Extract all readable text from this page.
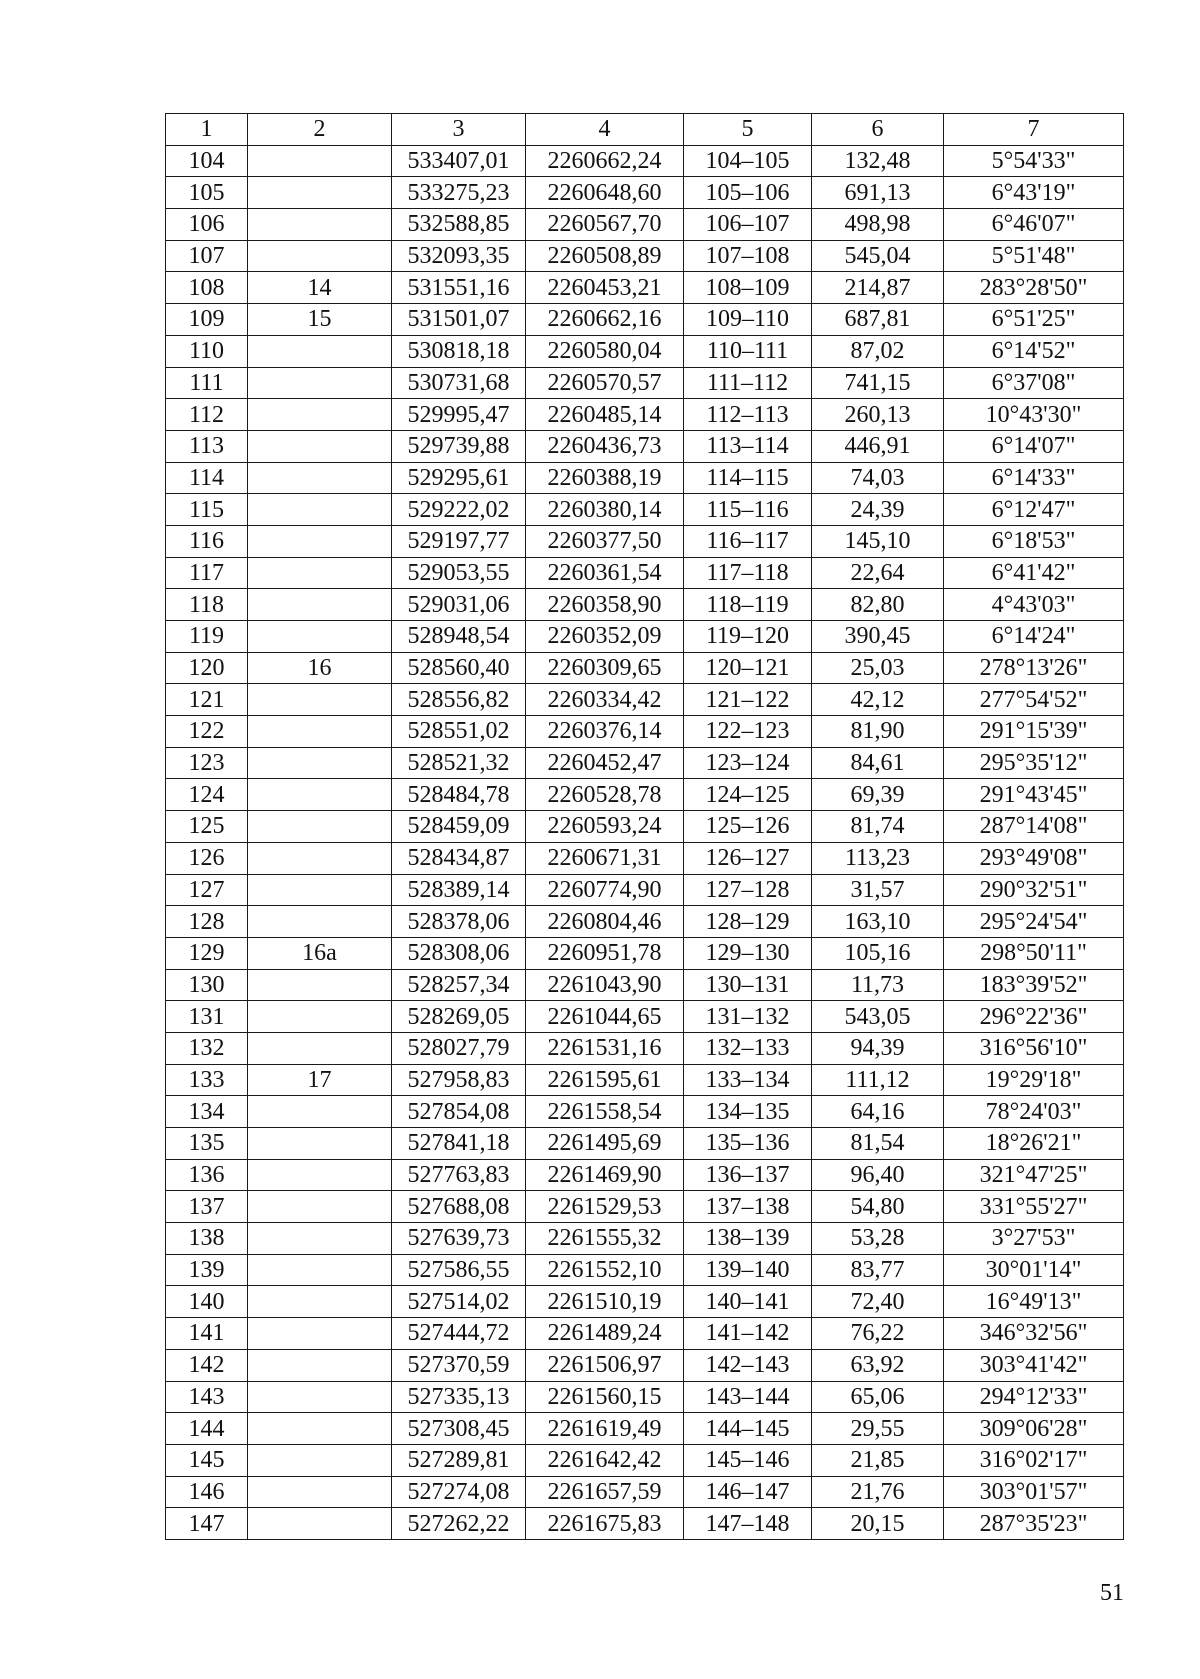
1	2	3	4	5	6	7
104		533407,01	2260662,24	104–105	132,48	5°54'33"
105		533275,23	2260648,60	105–106	691,13	6°43'19"
106		532588,85	2260567,70	106–107	498,98	6°46'07"
107		532093,35	2260508,89	107–108	545,04	5°51'48"
108	14	531551,16	2260453,21	108–109	214,87	283°28'50"
109	15	531501,07	2260662,16	109–110	687,81	6°51'25"
110		530818,18	2260580,04	110–111	87,02	6°14'52"
111		530731,68	2260570,57	111–112	741,15	6°37'08"
112		529995,47	2260485,14	112–113	260,13	10°43'30"
113		529739,88	2260436,73	113–114	446,91	6°14'07"
114		529295,61	2260388,19	114–115	74,03	6°14'33"
115		529222,02	2260380,14	115–116	24,39	6°12'47"
116		529197,77	2260377,50	116–117	145,10	6°18'53"
117		529053,55	2260361,54	117–118	22,64	6°41'42"
118		529031,06	2260358,90	118–119	82,80	4°43'03"
119		528948,54	2260352,09	119–120	390,45	6°14'24"
120	16	528560,40	2260309,65	120–121	25,03	278°13'26"
121		528556,82	2260334,42	121–122	42,12	277°54'52"
122		528551,02	2260376,14	122–123	81,90	291°15'39"
123		528521,32	2260452,47	123–124	84,61	295°35'12"
124		528484,78	2260528,78	124–125	69,39	291°43'45"
125		528459,09	2260593,24	125–126	81,74	287°14'08"
126		528434,87	2260671,31	126–127	113,23	293°49'08"
127		528389,14	2260774,90	127–128	31,57	290°32'51"
128		528378,06	2260804,46	128–129	163,10	295°24'54"
129	16а	528308,06	2260951,78	129–130	105,16	298°50'11"
130		528257,34	2261043,90	130–131	11,73	183°39'52"
131		528269,05	2261044,65	131–132	543,05	296°22'36"
132		528027,79	2261531,16	132–133	94,39	316°56'10"
133	17	527958,83	2261595,61	133–134	111,12	19°29'18"
134		527854,08	2261558,54	134–135	64,16	78°24'03"
135		527841,18	2261495,69	135–136	81,54	18°26'21"
136		527763,83	2261469,90	136–137	96,40	321°47'25"
137		527688,08	2261529,53	137–138	54,80	331°55'27"
138		527639,73	2261555,32	138–139	53,28	3°27'53"
139		527586,55	2261552,10	139–140	83,77	30°01'14"
140		527514,02	2261510,19	140–141	72,40	16°49'13"
141		527444,72	2261489,24	141–142	76,22	346°32'56"
142		527370,59	2261506,97	142–143	63,92	303°41'42"
143		527335,13	2261560,15	143–144	65,06	294°12'33"
144		527308,45	2261619,49	144–145	29,55	309°06'28"
145		527289,81	2261642,42	145–146	21,85	316°02'17"
146		527274,08	2261657,59	146–147	21,76	303°01'57"
147		527262,22	2261675,83	147–148	20,15	287°35'23"
51
